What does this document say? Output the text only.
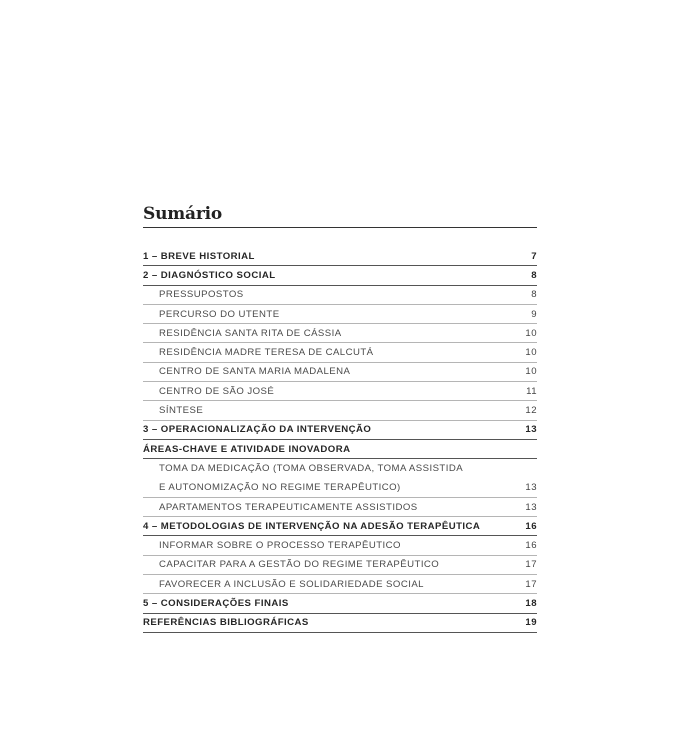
Sumário
1 – BREVE HISTORIAL	7
2 – DIAGNÓSTICO SOCIAL	8
PRESSUPOSTOS	8
PERCURSO DO UTENTE	9
RESIDÊNCIA SANTA RITA DE CÁSSIA	10
RESIDÊNCIA MADRE TERESA DE CALCUTÁ	10
CENTRO DE SANTA MARIA MADALENA	10
CENTRO DE SÃO JOSÉ	11
SÍNTESE	12
3 – OPERACIONALIZAÇÃO DA INTERVENÇÃO	13
ÁREAS-CHAVE E ATIVIDADE INOVADORA
TOMA DA MEDICAÇÃO (TOMA OBSERVADA, TOMA ASSISTIDA
E AUTONOMIZAÇÃO NO REGIME TERAPÊUTICO)	13
APARTAMENTOS TERAPEUTICAMENTE ASSISTIDOS	13
4 – METODOLOGIAS DE INTERVENÇÃO NA ADESÃO TERAPÊUTICA	16
INFORMAR SOBRE O PROCESSO TERAPÊUTICO	16
CAPACITAR PARA A GESTÃO DO REGIME TERAPÊUTICO	17
FAVORECER A INCLUSÃO E SOLIDARIEDADE SOCIAL	17
5 – CONSIDERAÇÕES FINAIS	18
REFERÊNCIAS BIBLIOGRÁFICAS	19
